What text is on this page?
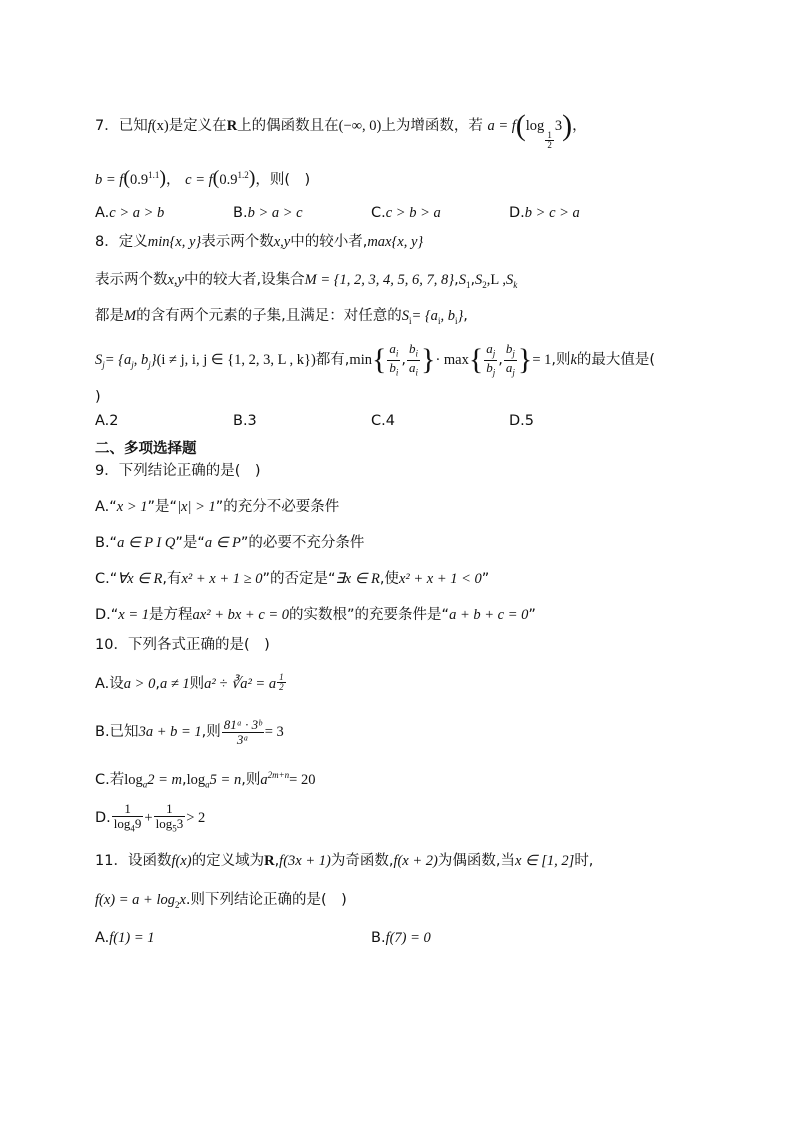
7．已知f(x)是定义在R上的偶函数且在(−∞, 0)上为增函数，若 a = f(log
$\frac{1}{2}$
3)，
$b = f(0.9^{1.1})$， $c = f(0.9^{1.2})$，则(　)
A.c > a > b	B.b > a > c	C.c > b > a	D.b > c > a
8．定义min{x, y}表示两个数x,y中的较小者,max{x, y}
表示两个数x,y中的较大者,设集合M = {1, 2, 3, 4, 5, 6, 7, $8\},S_1,S_2,L$ $,S_k$
都是M的含有两个元素的子集,且满足：对任意的$S_i= \{a_i$, $b_i$},
$S_j= \{a_j$, $b_j\}(i \ne j$, i, j ∈ {1, 2, 3, L , k})都有$,\min\{ \frac{a_i}{b_i}$ , $\frac{b_i}{a_i}$ }· $\max\{ \frac{a_j}{b_j}$ , $\frac{b_j}{a_j}$ }= 1,则k的最大值是(
)
A.2	B.3	C.4	D.5
二、多项选择题
9．下列结论正确的是(　)
A.“x > 1”是“|x| > 1”的充分不必要条件
B.“a ∈ P I Q”是“a ∈ P”的必要不充分条件
C.“∀x ∈ R,有x² + x + 1 ≥ 0”的否定是“∃x ∈ R,使x² + x + 1 < 0”
D.“x = 1是方程ax² + bx + c = 0的实数根”的充要条件是“a + b + c = 0”
10．下列各式正确的是(　)
A.设a > 0,a ≠ 1则a² ÷ ∛a² = a $\frac{1}{2}$
B.已知3a + b = 1,则 $\frac{\text{81ᵃ · 3ᵇ}}{\text{3ᵃ}} = 3$
C.若$\log_a2 = m,\log_a5 = n$,则$a^{2m+n}= 20$
D. $\frac{1}{\log_49} + \frac{1}{\log_53} > 2$
11．设函数f(x)的定义域为R,f(3x + 1)为奇函数,f(x + 2)为偶函数,当x ∈ [1, 2]时,
$f(x) = a + \log_2x$.则下列结论正确的是(　)
A.f(1) = 1	B.f(7) = 0
